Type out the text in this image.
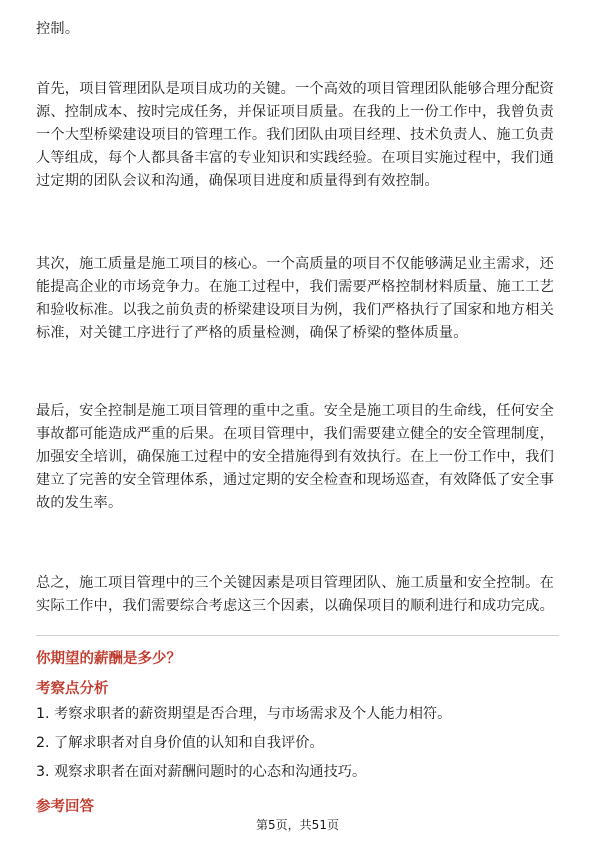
控制。

首先，项目管理团队是项目成功的关键。一个高效的项目管理团队能够合理分配资
源、控制成本、按时完成任务，并保证项目质量。在我的上一份工作中，我曾负责
一个大型桥梁建设项目的管理工作。我们团队由项目经理、技术负责人、施工负责
人等组成，每个人都具备丰富的专业知识和实践经验。在项目实施过程中，我们通
过定期的团队会议和沟通，确保项目进度和质量得到有效控制。

其次，施工质量是施工项目的核心。一个高质量的项目不仅能够满足业主需求，还
能提高企业的市场竞争力。在施工过程中，我们需要严格控制材料质量、施工工艺
和验收标准。以我之前负责的桥梁建设项目为例，我们严格执行了国家和地方相关
标准，对关键工序进行了严格的质量检测，确保了桥梁的整体质量。

最后，安全控制是施工项目管理的重中之重。安全是施工项目的生命线，任何安全
事故都可能造成严重的后果。在项目管理中，我们需要建立健全的安全管理制度，
加强安全培训，确保施工过程中的安全措施得到有效执行。在上一份工作中，我们
建立了完善的安全管理体系，通过定期的安全检查和现场巡查，有效降低了安全事
故的发生率。

总之，施工项目管理中的三个关键因素是项目管理团队、施工质量和安全控制。在
实际工作中，我们需要综合考虑这三个因素，以确保项目的顺利进行和成功完成。

你期望的薪酬是多少？
考察点分析
1. 考察求职者的薪资期望是否合理，与市场需求及个人能力相符。
2. 了解求职者对自身价值的认知和自我评价。
3. 观察求职者在面对薪酬问题时的心态和沟通技巧。
参考回答
第5页，共51页
